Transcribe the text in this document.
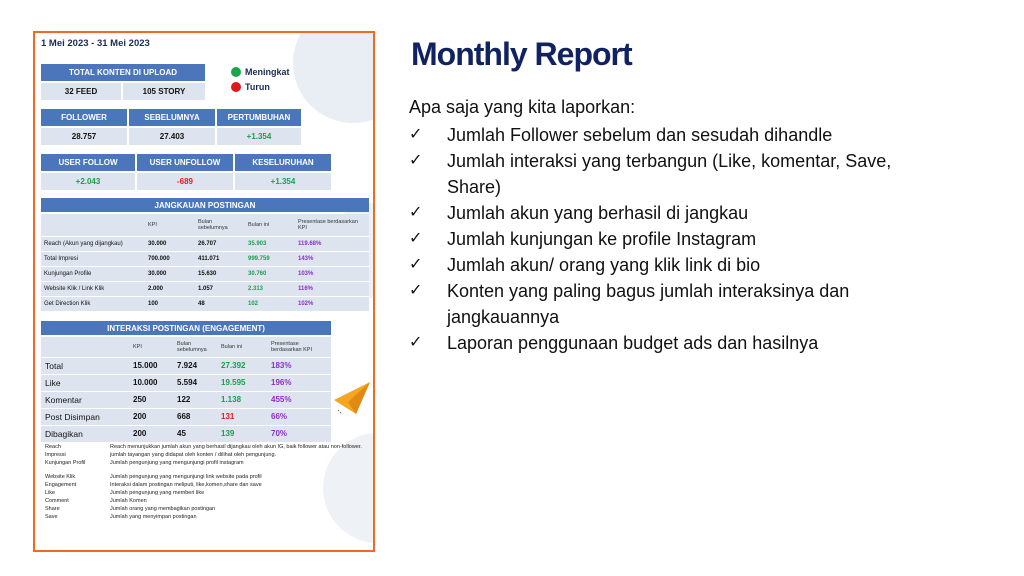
1 Mei 2023 - 31 Mei 2023
TOTAL KONTEN DI UPLOAD
32 FEED	105 STORY
Meningkat
Turun
FOLLOWER	SEBELUMNYA	PERTUMBUHAN
28.757	27.403	+1.354
USER FOLLOW	USER UNFOLLOW	KESELURUHAN
+2.043	-689	+1.354
JANGKAUAN POSTINGAN
	KPI	Bulan sebelumnya	Bulan ini	Presentase berdasarkan KPI
Reach (Akun yang dijangkau)	30.000	26.707	35.903	119.68%
Total Impresi	700.000	411.071	999.759	143%
Kunjungan Profile	30.000	15.630	30.760	103%
Website Klik / Link Klik	2.000	1.057	2.313	116%
Get Direction Klik	100	48	102	102%
INTERAKSI POSTINGAN (ENGAGEMENT)
	KPI	Bulan sebelumnya	Bulan ini	Presentase berdasarkan KPI
Total	15.000	7.924	27.392	183%
Like	10.000	5.594	19.595	196%
Komentar	250	122	1.138	455%
Post Disimpan	200	668	131	66%
Dibagikan	200	45	139	70%
Reach	Reach menunjukkan jumlah akun yang berhasil dijangkau oleh akun IG, baik follower atau non-follower.
Impressi	jumlah tayangan yang didapat oleh konten / dilihat oleh pengunjung.
Kunjungan Profil	Jumlah pengunjung yang mengunjungi profil instagram
Website Klik	Jumlah pengunjung yang mengunjungi link website pada profil
Engagement	Interaksi dalam postingan meliputi, like,komen,share dan save
Like	Jumlah pengunjung yang memberi like
Comment	Jumlah Komen
Share	Jumlah orang yang membagikan postingan
Save	Jumlah yang menyimpan postingan
Monthly Report
Apa saja yang kita laporkan:
✓	Jumlah Follower sebelum dan sesudah dihandle
✓	Jumlah interaksi yang terbangun (Like, komentar, Save, Share)
✓	Jumlah akun yang berhasil di jangkau
✓	Jumlah kunjungan ke profile Instagram
✓	Jumlah akun/ orang yang klik link di bio
✓	Konten yang paling bagus jumlah interaksinya dan jangkauannya
✓	Laporan penggunaan budget ads dan hasilnya
